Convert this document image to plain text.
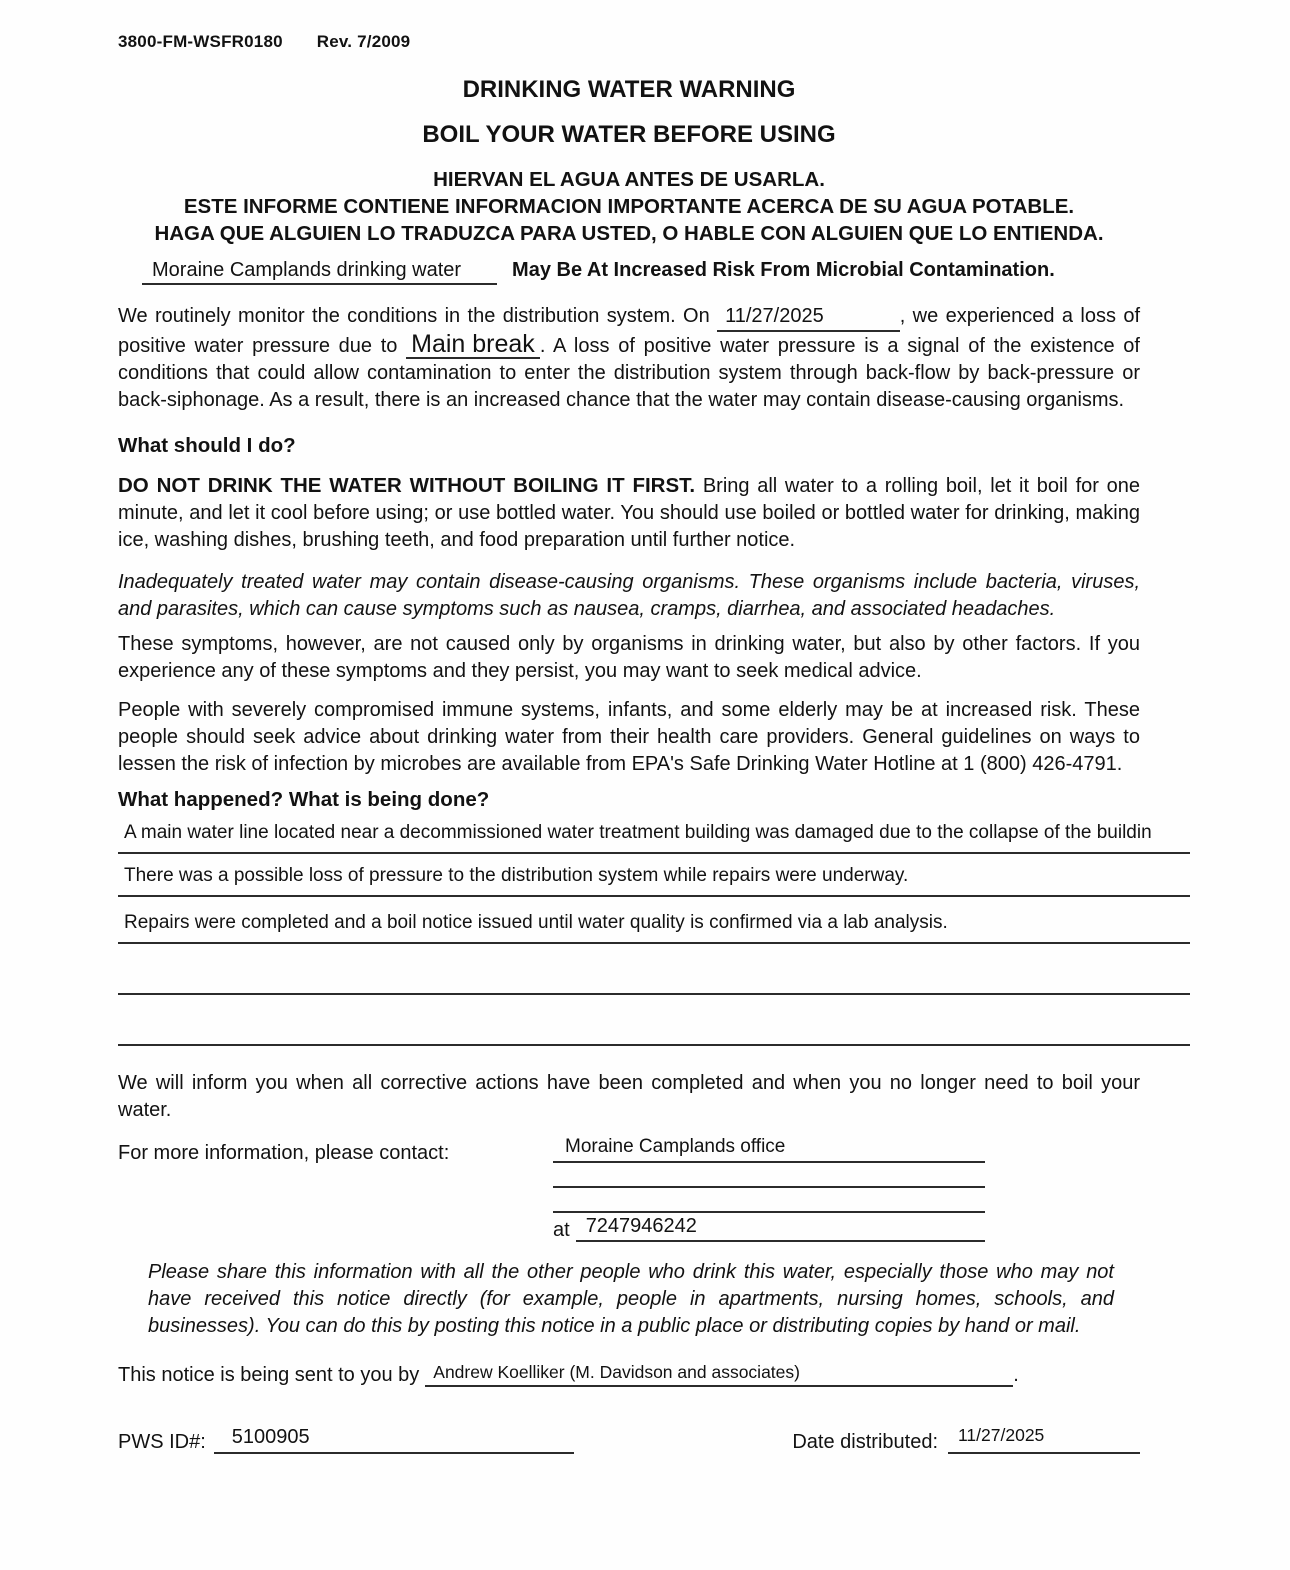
3800-FM-WSFR0180 Rev. 7/2009
DRINKING WATER WARNING
BOIL YOUR WATER BEFORE USING
HIERVAN EL AGUA ANTES DE USARLA.
ESTE INFORME CONTIENE INFORMACION IMPORTANTE ACERCA DE SU AGUA POTABLE.
HAGA QUE ALGUIEN LO TRADUZCA PARA USTED, O HABLE CON ALGUIEN QUE LO ENTIENDA.
Moraine Camplands drinking water	May Be At Increased Risk From Microbial Contamination.

We routinely monitor the conditions in the distribution system. On 11/27/2025	, we experienced a loss of positive water pressure due to Main break . A loss of positive water pressure is a signal of the existence of conditions that could allow contamination to enter the distribution system through back-flow by back-pressure or back-siphonage. As a result, there is an increased chance that the water may contain disease-causing organisms.

What should I do?

DO NOT DRINK THE WATER WITHOUT BOILING IT FIRST. Bring all water to a rolling boil, let it boil for one minute, and let it cool before using; or use bottled water. You should use boiled or bottled water for drinking, making ice, washing dishes, brushing teeth, and food preparation until further notice.

Inadequately treated water may contain disease-causing organisms. These organisms include bacteria, viruses, and parasites, which can cause symptoms such as nausea, cramps, diarrhea, and associated headaches.

These symptoms, however, are not caused only by organisms in drinking water, but also by other factors. If you experience any of these symptoms and they persist, you may want to seek medical advice.

People with severely compromised immune systems, infants, and some elderly may be at increased risk. These people should seek advice about drinking water from their health care providers. General guidelines on ways to lessen the risk of infection by microbes are available from EPA's Safe Drinking Water Hotline at 1 (800) 426-4791.

What happened? What is being done?
A main water line located near a decommissioned water treatment building was damaged due to the collapse of the buildin
There was a possible loss of pressure to the distribution system while repairs were underway.
Repairs were completed and a boil notice issued until water quality is confirmed via a lab analysis.

We will inform you when all corrective actions have been completed and when you no longer need to boil your water.

For more information, please contact:	Moraine Camplands office
at 7247946242

Please share this information with all the other people who drink this water, especially those who may not have received this notice directly (for example, people in apartments, nursing homes, schools, and businesses). You can do this by posting this notice in a public place or distributing copies by hand or mail.

This notice is being sent to you by Andrew Koelliker (M. Davidson and associates)	.
PWS ID#:	5100905	Date distributed:	11/27/2025
